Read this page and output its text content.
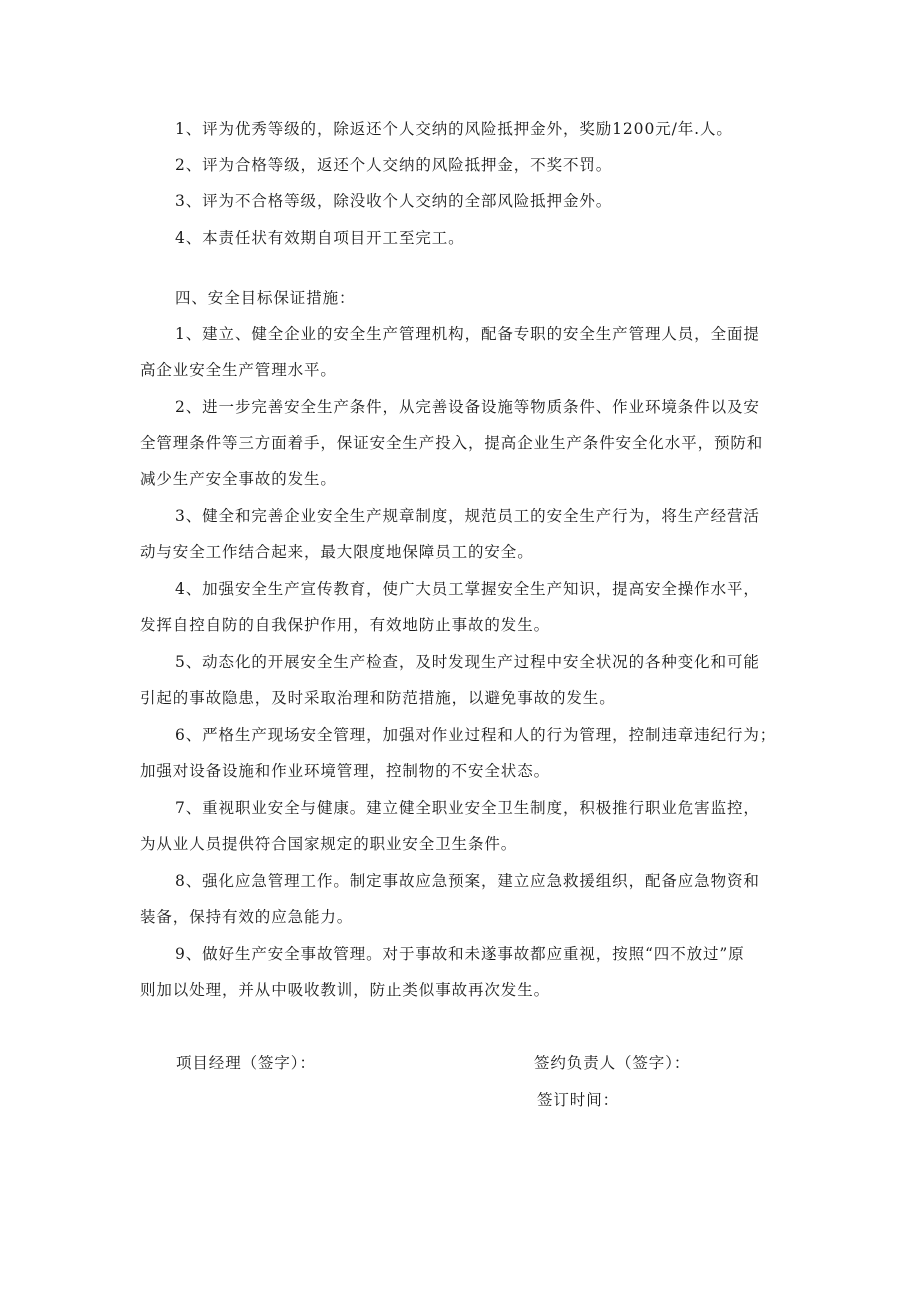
1、评为优秀等级的，除返还个人交纳的风险抵押金外，奖励1200元/年.人。
2、评为合格等级，返还个人交纳的风险抵押金，不奖不罚。
3、评为不合格等级，除没收个人交纳的全部风险抵押金外。
4、本责任状有效期自项目开工至完工。
四、安全目标保证措施：
1、建立、健全企业的安全生产管理机构，配备专职的安全生产管理人员，全面提
高企业安全生产管理水平。
2、进一步完善安全生产条件，从完善设备设施等物质条件、作业环境条件以及安
全管理条件等三方面着手，保证安全生产投入，提高企业生产条件安全化水平，预防和
减少生产安全事故的发生。
3、健全和完善企业安全生产规章制度，规范员工的安全生产行为，将生产经营活
动与安全工作结合起来，最大限度地保障员工的安全。
4、加强安全生产宣传教育，使广大员工掌握安全生产知识，提高安全操作水平，
发挥自控自防的自我保护作用，有效地防止事故的发生。
5、动态化的开展安全生产检查，及时发现生产过程中安全状况的各种变化和可能
引起的事故隐患，及时采取治理和防范措施，以避免事故的发生。
6、严格生产现场安全管理，加强对作业过程和人的行为管理，控制违章违纪行为；
加强对设备设施和作业环境管理，控制物的不安全状态。
7、重视职业安全与健康。建立健全职业安全卫生制度，积极推行职业危害监控，
为从业人员提供符合国家规定的职业安全卫生条件。
8、强化应急管理工作。制定事故应急预案，建立应急救援组织，配备应急物资和
装备，保持有效的应急能力。
9、做好生产安全事故管理。对于事故和未遂事故都应重视，按照“四不放过”原
则加以处理，并从中吸收教训，防止类似事故再次发生。
项目经理（签字）：	签约负责人（签字）：
签订时间：
